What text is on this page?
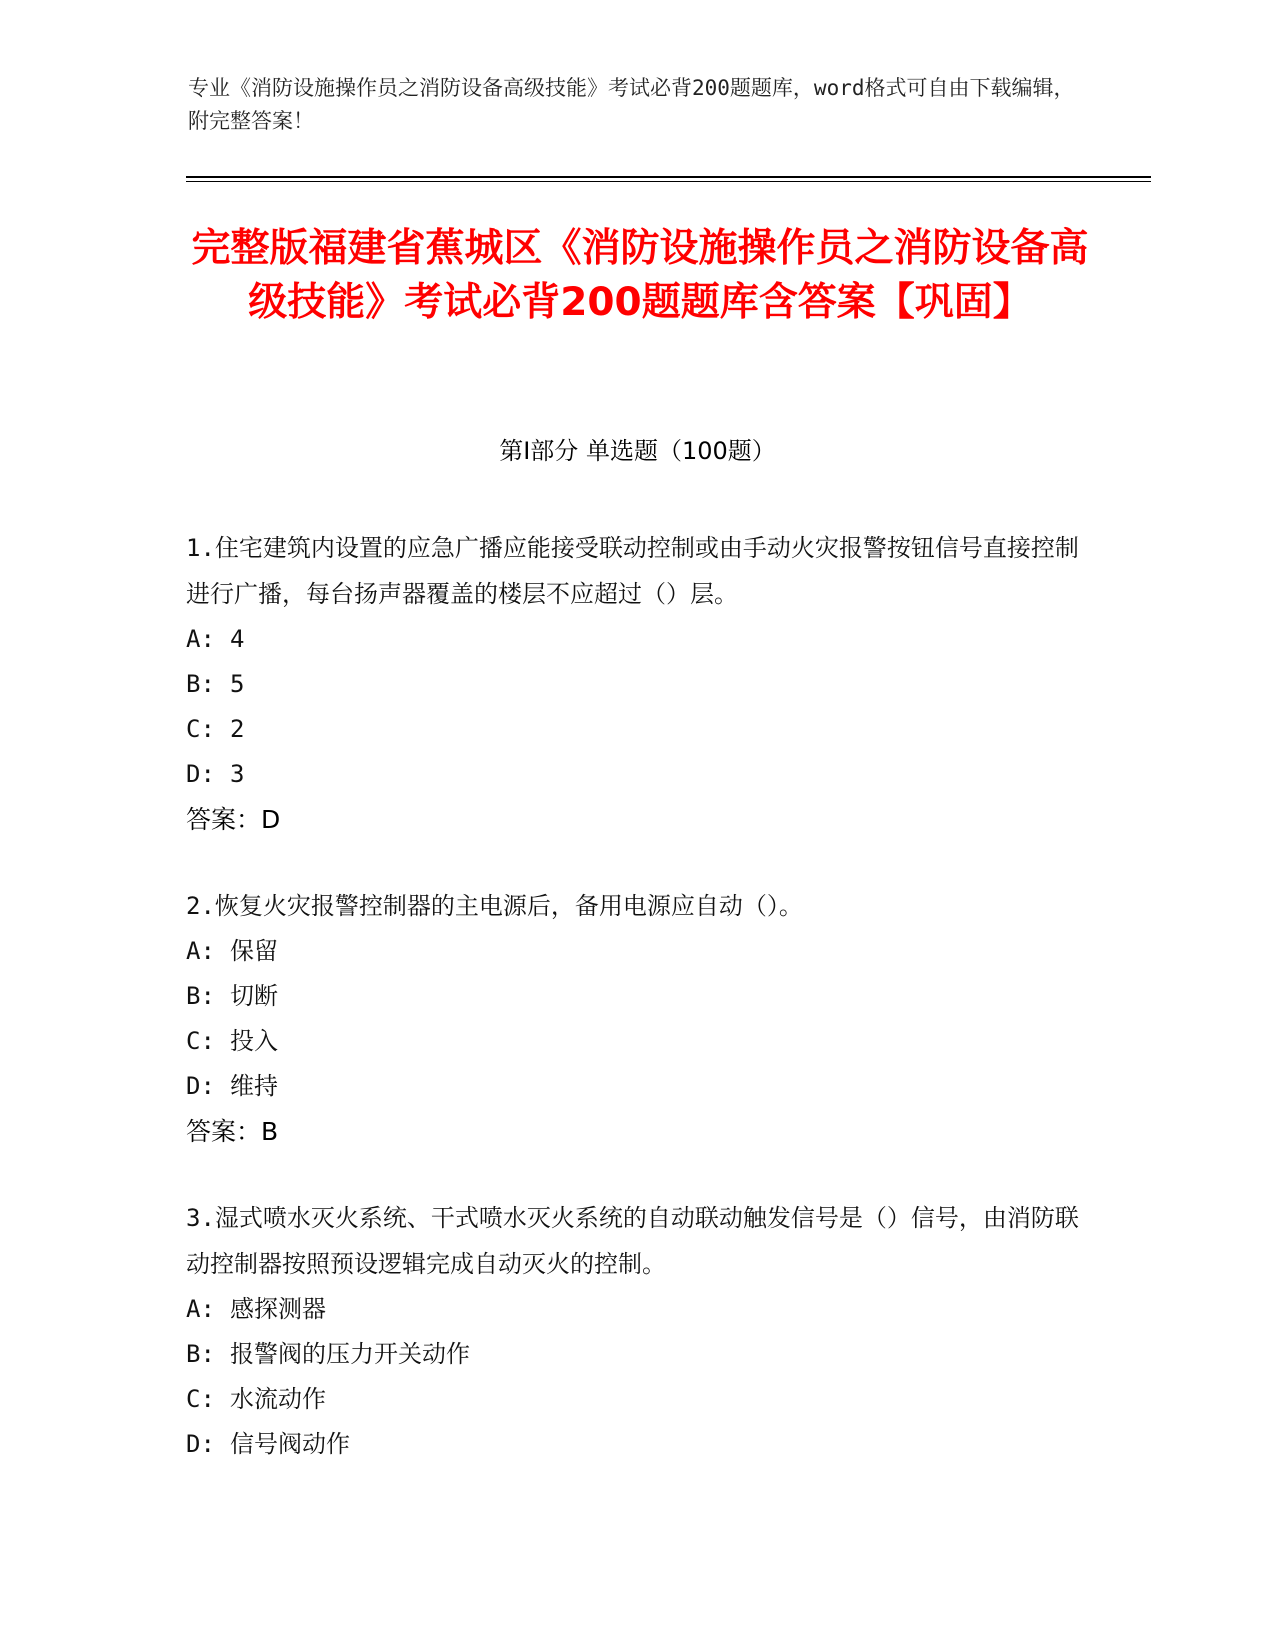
专业《消防设施操作员之消防设备高级技能》考试必背200题题库，word格式可自由下载编辑，附完整答案！
完整版福建省蕉城区《消防设施操作员之消防设备高级技能》考试必背200题题库含答案【巩固】
第Ⅰ部分 单选题（100题）
1.住宅建筑内设置的应急广播应能接受联动控制或由手动火灾报警按钮信号直接控制进行广播，每台扬声器覆盖的楼层不应超过（）层。
A: 4
B: 5
C: 2
D: 3
答案：D
2.恢复火灾报警控制器的主电源后，备用电源应自动（）。
A: 保留
B: 切断
C: 投入
D: 维持
答案：B
3.湿式喷水灭火系统、干式喷水灭火系统的自动联动触发信号是（）信号，由消防联动控制器按照预设逻辑完成自动灭火的控制。
A: 感探测器
B: 报警阀的压力开关动作
C: 水流动作
D: 信号阀动作
